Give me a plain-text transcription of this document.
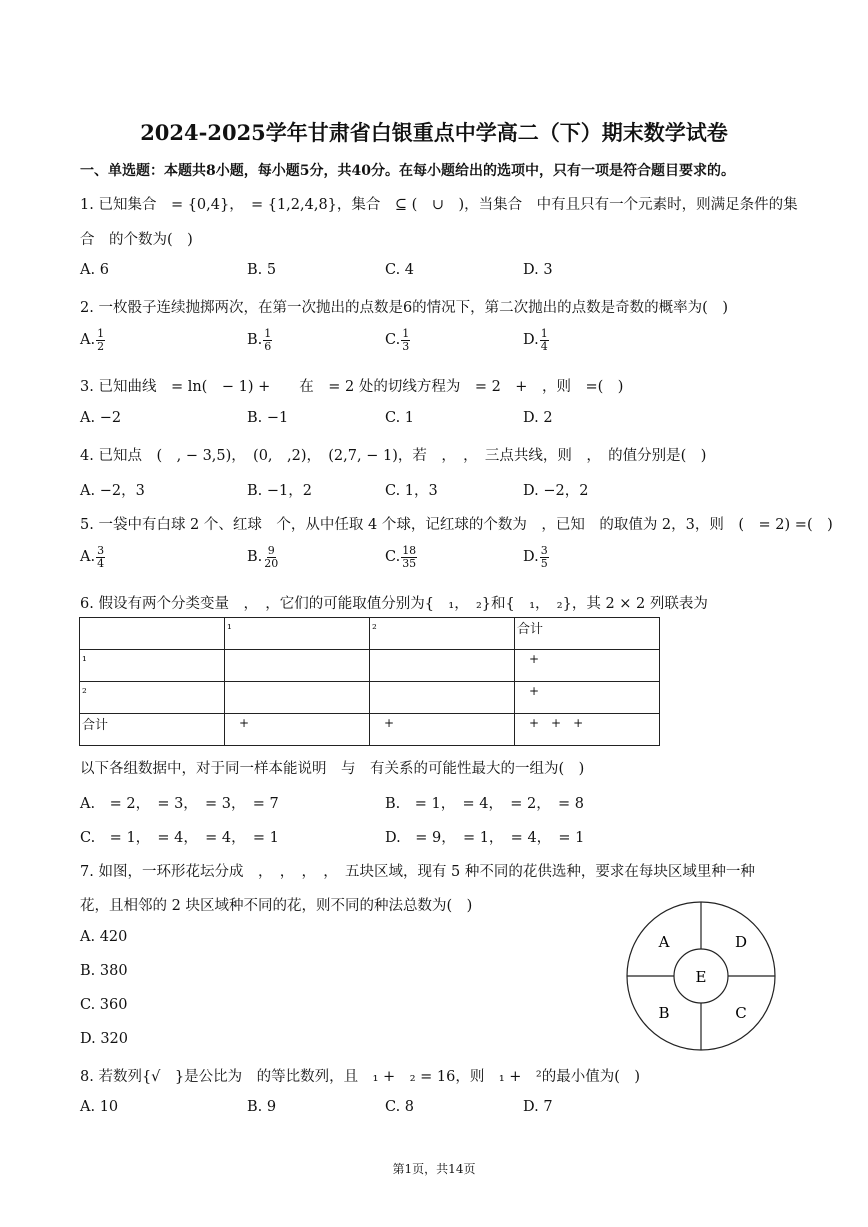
2024-2025学年甘肃省白银重点中学高二（下）期末数学试卷
一、单选题：本题共8小题，每小题5分，共40分。在每小题给出的选项中，只有一项是符合题目要求的。
1. 已知集合　= {0,4}，　= {1,2,4,8}，集合　⊆ (　∪　)，当集合　中有且只有一个元素时，则满足条件的集
合　的个数为(　)
A. 6	B. 5	C. 4	D. 3
2. 一枚骰子连续抛掷两次，在第一次抛出的点数是6的情况下，第二次抛出的点数是奇数的概率为(　)
A. $\frac{1}{2}$	B. $\frac{1}{6}$	C. $\frac{1}{3}$	D. $\frac{1}{4}$
3. 已知曲线　= ln(　− 1) +　　在　= 2 处的切线方程为　= 2　+　，则　=(　)
A. −2	B. −1	C. 1	D. 2
4. 已知点　(　, − 3,5)，　(0,　,2)，　(2,7, − 1)，若　，　，　三点共线，则　，　的值分别是(　)
A. −2，3	B. −1，2	C. 1，3	D. −2，2
5. 一袋中有白球 2 个、红球　个，从中任取 4 个球，记红球的个数为　，已知　的取值为 2，3，则　(　= 2) =(　)
A. $\frac{3}{4}$	B. $\frac{9}{20}$	C. $\frac{18}{35}$	D. $\frac{3}{5}$
6. 假设有两个分类变量　，　，它们的可能取值分别为{　₁，　₂}和{　₁，　₂}，其 2 × 2 列联表为
	₁	₂	合计
₁			　+
₂			　+
合计	　+	　+	　+　+　+
以下各组数据中，对于同一样本能说明　与　有关系的可能性最大的一组为(　)
A.　= 2，　= 3，　= 3，　= 7	B.　= 1，　= 4，　= 2，　= 8
C.　= 1，　= 4，　= 4，　= 1	D.　= 9，　= 1，　= 4，　= 1
7. 如图，一环形花坛分成　，　，　，　，　五块区域，现有 5 种不同的花供选种，要求在每块区域里种一种
花，且相邻的 2 块区域种不同的花，则不同的种法总数为(　)
A. 420
B. 380
C. 360
D. 320
A	D
E
B	C
8. 若数列{√　}是公比为　的等比数列，且　₁ +　₂ = 16，则　₁ +　²的最小值为(　)
A. 10	B. 9	C. 8	D. 7
第1页，共14页
